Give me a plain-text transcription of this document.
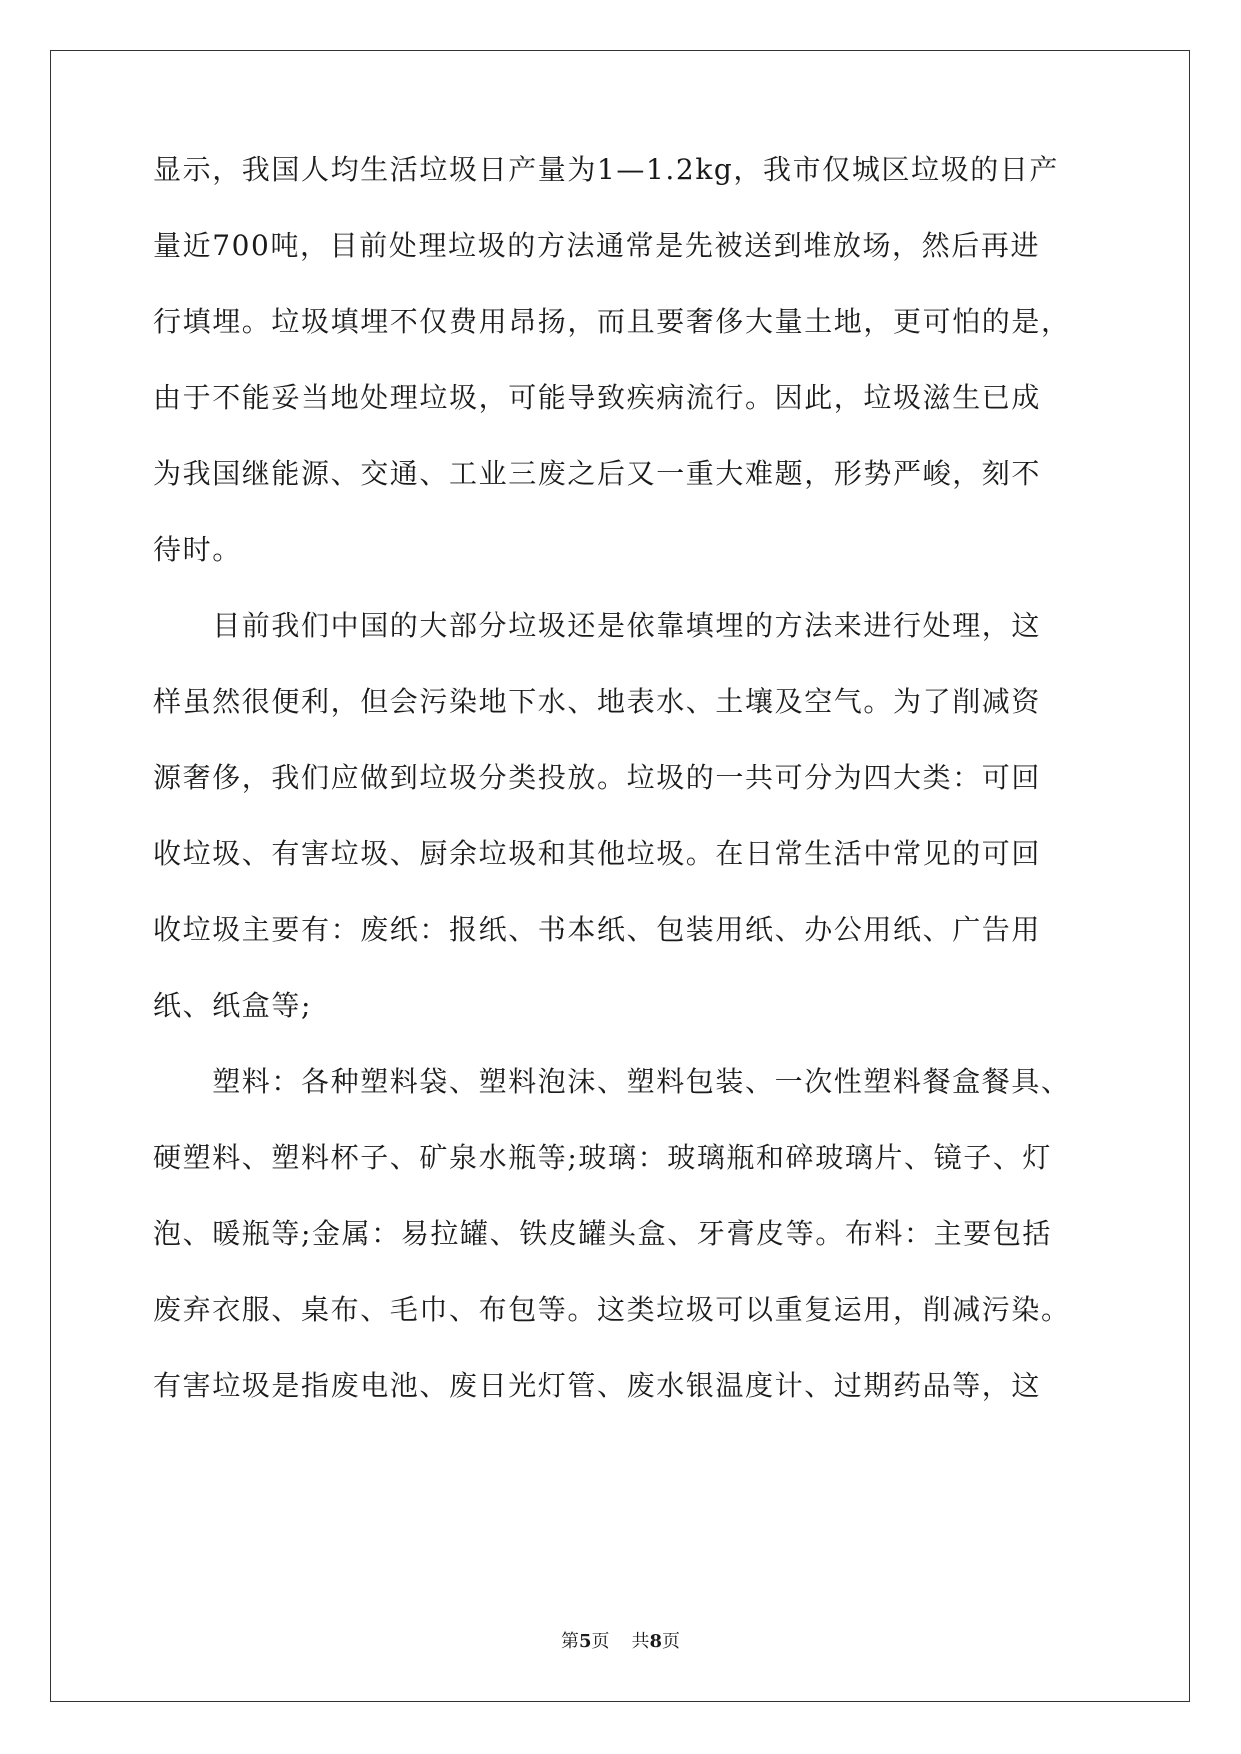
显示，我国人均生活垃圾日产量为1—1.2kg，我市仅城区垃圾的日产
量近700吨，目前处理垃圾的方法通常是先被送到堆放场，然后再进
行填埋。垃圾填埋不仅费用昂扬，而且要奢侈大量土地，更可怕的是，
由于不能妥当地处理垃圾，可能导致疾病流行。因此，垃圾滋生已成
为我国继能源、交通、工业三废之后又一重大难题，形势严峻，刻不
待时。
　　目前我们中国的大部分垃圾还是依靠填埋的方法来进行处理，这
样虽然很便利，但会污染地下水、地表水、土壤及空气。为了削减资
源奢侈，我们应做到垃圾分类投放。垃圾的一共可分为四大类：可回
收垃圾、有害垃圾、厨余垃圾和其他垃圾。在日常生活中常见的可回
收垃圾主要有：废纸：报纸、书本纸、包装用纸、办公用纸、广告用
纸、纸盒等;
　　塑料：各种塑料袋、塑料泡沫、塑料包装、一次性塑料餐盒餐具、
硬塑料、塑料杯子、矿泉水瓶等;玻璃：玻璃瓶和碎玻璃片、镜子、灯
泡、暖瓶等;金属：易拉罐、铁皮罐头盒、牙膏皮等。布料：主要包括
废弃衣服、桌布、毛巾、布包等。这类垃圾可以重复运用，削减污染。
有害垃圾是指废电池、废日光灯管、废水银温度计、过期药品等，这
第5页 共8页
